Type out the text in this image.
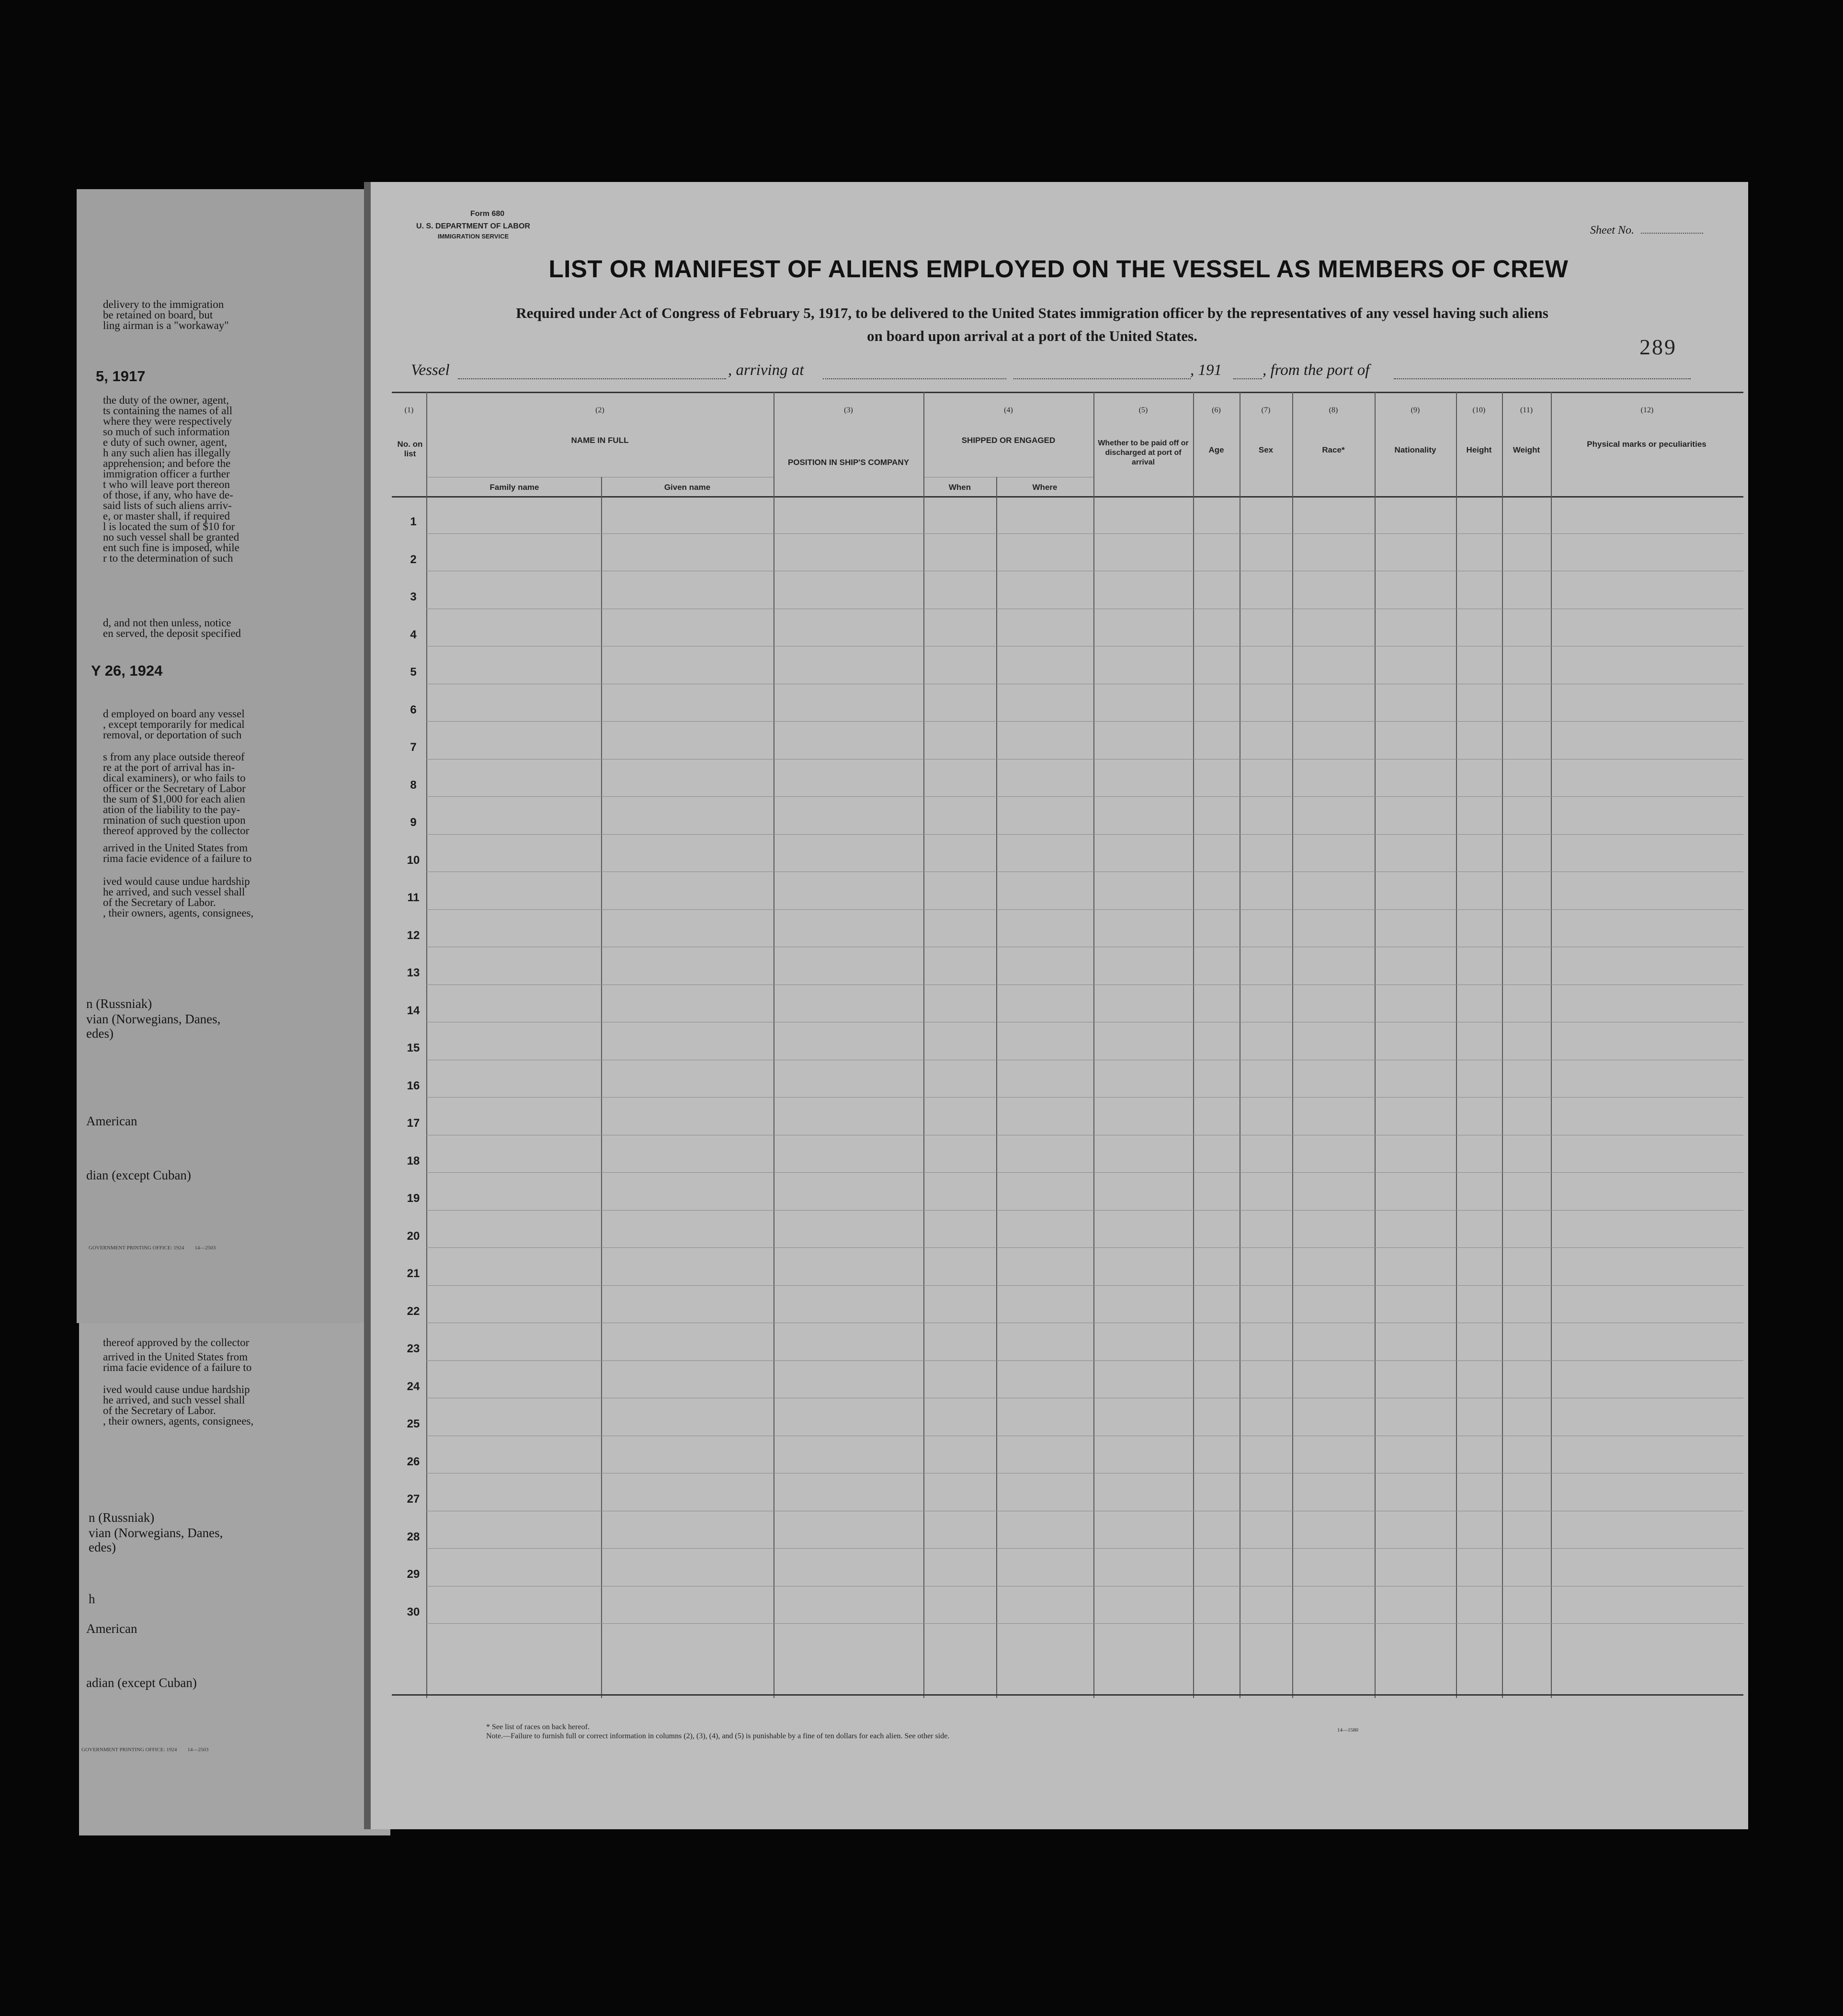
delivery to the immigration
be retained on board, but
ling airman is a "workaway"
5, 1917
the duty of the owner, agent,
ts containing the names of all
where they were respectively
so much of such information
e duty of such owner, agent,
h any such alien has illegally
apprehension; and before the
immigration officer a further
t who will leave port thereon
of those, if any, who have de-
said lists of such aliens arriv-
e, or master shall, if required
l is located the sum of $10 for
no such vessel shall be granted
ent such fine is imposed, while
r to the determination of such
d, and not then unless, notice
en served, the deposit specified
Y 26, 1924
d employed on board any vessel
, except temporarily for medical
removal, or deportation of such
s from any place outside thereof
re at the port of arrival has in-
dical examiners), or who fails to
officer or the Secretary of Labor
the sum of $1,000 for each alien
ation of the liability to the pay-
rmination of such question upon
thereof approved by the collector
arrived in the United States from
rima facie evidence of a failure to
ived would cause undue hardship
he arrived, and such vessel shall
of the Secretary of Labor.
, their owners, agents, consignees,
n (Russniak)
vian (Norwegians, Danes,
edes)
American
dian (except Cuban)
GOVERNMENT PRINTING OFFICE: 1924        14—2503
thereof approved by the collector
arrived in the United States from
rima facie evidence of a failure to
ived would cause undue hardship
he arrived, and such vessel shall
of the Secretary of Labor.
, their owners, agents, consignees,
n (Russniak)
vian (Norwegians, Danes,
edes)
h
American
adian (except Cuban)
GOVERNMENT PRINTING OFFICE: 1924        14—2503
Form 680
U. S. DEPARTMENT OF LABOR
IMMIGRATION SERVICE	Sheet No.
LIST OR MANIFEST OF ALIENS EMPLOYED ON THE VESSEL AS MEMBERS OF CREW
Required under Act of Congress of February 5, 1917, to be delivered to the United States immigration officer by the representatives of any vessel having such aliens
on board upon arrival at a port of the United States.	289
Vessel	, arriving at	, 191	, from the port of
(1)	(2)	(3)	(4)	(5)	(6)	(7)	(8)	(9)	(10)	(11)	(12)
No. on list
NAME IN FULL
Family name	Given name
POSITION IN SHIP'S COMPANY
SHIPPED OR ENGAGED
When	Where
Whether to be paid off or discharged at port of arrival
Age	Sex	Race*	Nationality	Height	Weight
Physical marks or peculiarities
1
2
3
4
5
6
7
8
9
10
11
12
13
14
15
16
17
18
19
20
21
22
23
24
25
26
27
28
29
30
* See list of races on back hereof.
Note.—Failure to furnish full or correct information in columns (2), (3), (4), and (5) is punishable by a fine of ten dollars for each alien. See other side.
14—1580
